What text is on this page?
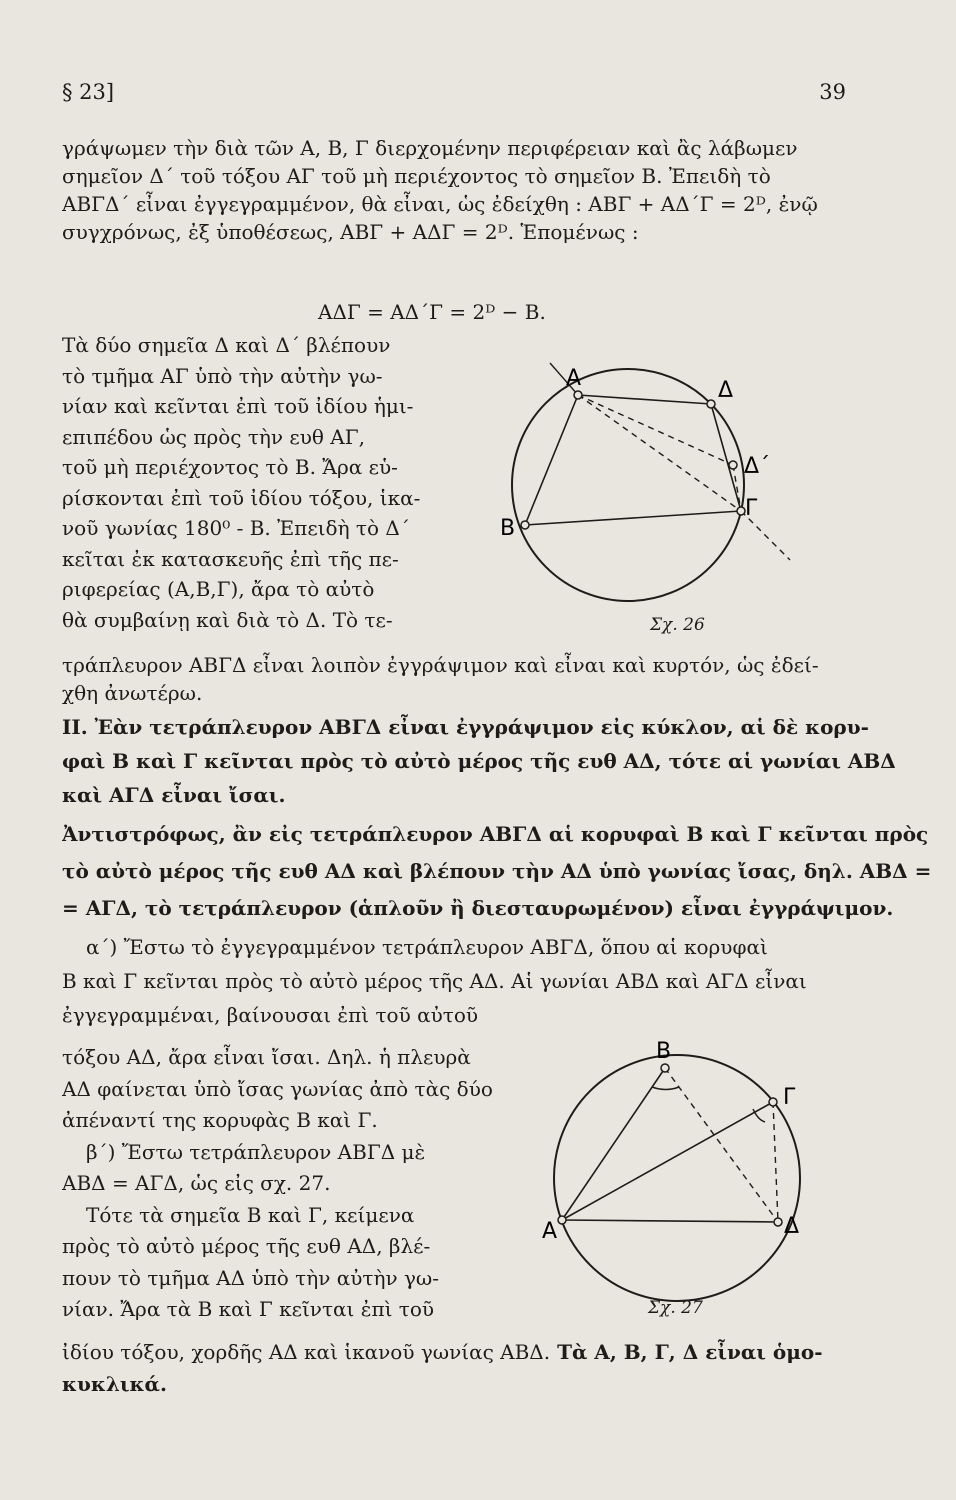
§ 23]	39
γράψωμεν τὴν διὰ τῶν Α, Β, Γ διερχομένην περιφέρειαν καὶ ἂς λάβωμεν
σημεῖον Δ΄ τοῦ τόξου ΑΓ τοῦ μὴ περιέχοντος τὸ σημεῖον Β. Ἐπειδὴ τὸ
ΑΒΓΔ΄ εἶναι ἐγγεγραμμένον, θὰ εἶναι, ὡς ἐδείχθη : ΑΒΓ + ΑΔ΄Γ = 2ᴰ, ἐνῷ
συγχρόνως, ἐξ ὑποθέσεως, ΑΒΓ + ΑΔΓ = 2ᴰ. Ἑπομένως :
ΑΔΓ = ΑΔ΄Γ = 2ᴰ − Β.
Τὰ δύο σημεῖα Δ καὶ Δ΄ βλέπουν
τὸ τμῆμα ΑΓ ὑπὸ τὴν αὐτὴν γω-
νίαν καὶ κεῖνται ἐπὶ τοῦ ἰδίου ἡμι-
επιπέδου ὡς πρὸς τὴν ευθ ΑΓ,
τοῦ μὴ περιέχοντος τὸ Β. Ἄρα εὑ-
ρίσκονται ἐπὶ τοῦ ἰδίου τόξου, ἱκα-
νοῦ γωνίας 180⁰ - Β. Ἐπειδὴ τὸ Δ΄
κεῖται ἐκ κατασκευῆς ἐπὶ τῆς πε-
ριφερείας (Α,Β,Γ), ἄρα τὸ αὐτὸ
θὰ συμβαίνῃ καὶ διὰ τὸ Δ. Τὸ τε-
A	Δ
Δ΄
Γ
B
Σχ. 26
τράπλευρον ΑΒΓΔ εἶναι λοιπὸν ἐγγράψιμον καὶ εἶναι καὶ κυρτόν, ὡς ἐδεί-
χθη ἀνωτέρω.
ΙΙ. Ἐὰν τετράπλευρον ΑΒΓΔ εἶναι ἐγγράψιμον εἰς κύκλον, αἱ δὲ κορυ-
φαὶ Β καὶ Γ κεῖνται πρὸς τὸ αὐτὸ μέρος τῆς ευθ ΑΔ, τότε αἱ γωνίαι ΑΒΔ
καὶ ΑΓΔ εἶναι ἴσαι.
Ἀντιστρόφως, ἂν εἰς τετράπλευρον ΑΒΓΔ αἱ κορυφαὶ Β καὶ Γ κεῖνται πρὸς
τὸ αὐτὸ μέρος τῆς ευθ ΑΔ καὶ βλέπουν τὴν ΑΔ ὑπὸ γωνίας ἴσας, δηλ. ΑΒΔ =
= ΑΓΔ, τὸ τετράπλευρον (ἁπλοῦν ἢ διεσταυρωμένον) εἶναι ἐγγράψιμον.
α΄) Ἔστω τὸ ἐγγεγραμμένον τετράπλευρον ΑΒΓΔ, ὅπου αἱ κορυφαὶ
Β καὶ Γ κεῖνται πρὸς τὸ αὐτὸ μέρος τῆς ΑΔ. Αἱ γωνίαι ΑΒΔ καὶ ΑΓΔ εἶναι
ἐγγεγραμμέναι, βαίνουσαι ἐπὶ τοῦ αὐτοῦ
τόξου ΑΔ, ἄρα εἶναι ἴσαι. Δηλ. ἡ πλευρὰ
ΑΔ φαίνεται ὑπὸ ἴσας γωνίας ἀπὸ τὰς δύο
ἀπέναντί της κορυφὰς Β καὶ Γ.
β΄) Ἔστω τετράπλευρον ΑΒΓΔ μὲ
ΑΒΔ = ΑΓΔ, ὡς εἰς σχ. 27.
Τότε τὰ σημεῖα Β καὶ Γ, κείμενα
πρὸς τὸ αὐτὸ μέρος τῆς ευθ ΑΔ, βλέ-
πουν τὸ τμῆμα ΑΔ ὑπὸ τὴν αὐτὴν γω-
νίαν. Ἄρα τὰ Β καὶ Γ κεῖνται ἐπὶ τοῦ
B
Γ
A	Δ
Σχ. 27
ἰδίου τόξου, χορδῆς ΑΔ καὶ ἱκανοῦ γωνίας ΑΒΔ. Τὰ Α, Β, Γ, Δ εἶναι ὁμο-
κυκλικά.
